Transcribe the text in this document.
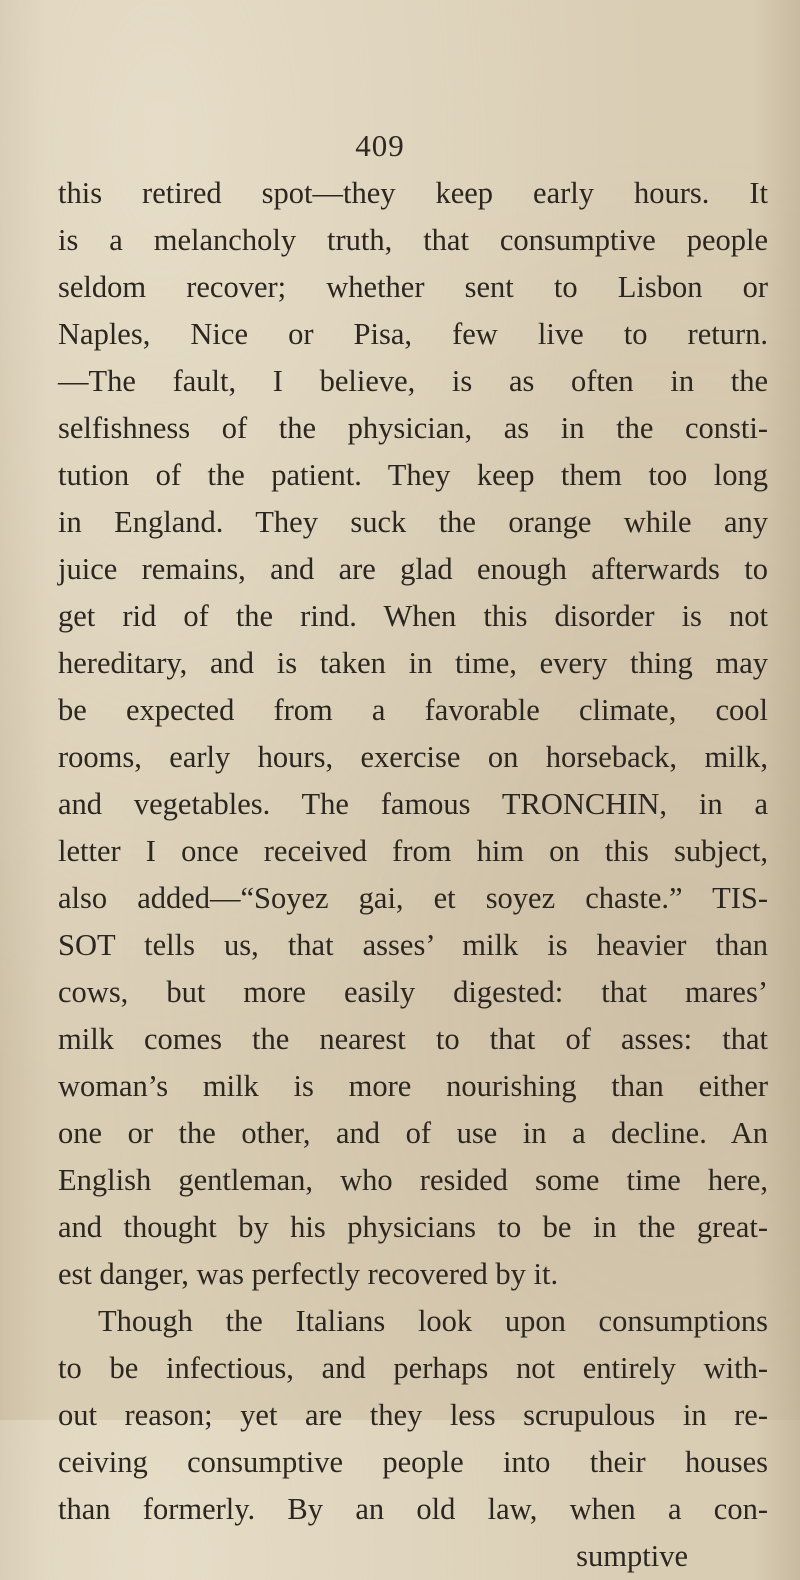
409
this retired spot—they keep early hours. It
is a melancholy truth, that consumptive people
seldom recover; whether sent to Lisbon or
Naples, Nice or Pisa, few live to return.
—The fault, I believe, is as often in the
selfishness of the physician, as in the consti-
tution of the patient. They keep them too long
in England. They suck the orange while any
juice remains, and are glad enough afterwards to
get rid of the rind. When this disorder is not
hereditary, and is taken in time, every thing may
be expected from a favorable climate, cool
rooms, early hours, exercise on horseback, milk,
and vegetables. The famous TRONCHIN, in a
letter I once received from him on this subject,
also added—“Soyez gai, et soyez chaste.” TIS-
SOT tells us, that asses’ milk is heavier than
cows, but more easily digested: that mares’
milk comes the nearest to that of asses: that
woman’s milk is more nourishing than either
one or the other, and of use in a decline. An
English gentleman, who resided some time here,
and thought by his physicians to be in the great-
est danger, was perfectly recovered by it.
Though the Italians look upon consumptions
to be infectious, and perhaps not entirely with-
out reason; yet are they less scrupulous in re-
ceiving consumptive people into their houses
than formerly. By an old law, when a con-
sumptive
